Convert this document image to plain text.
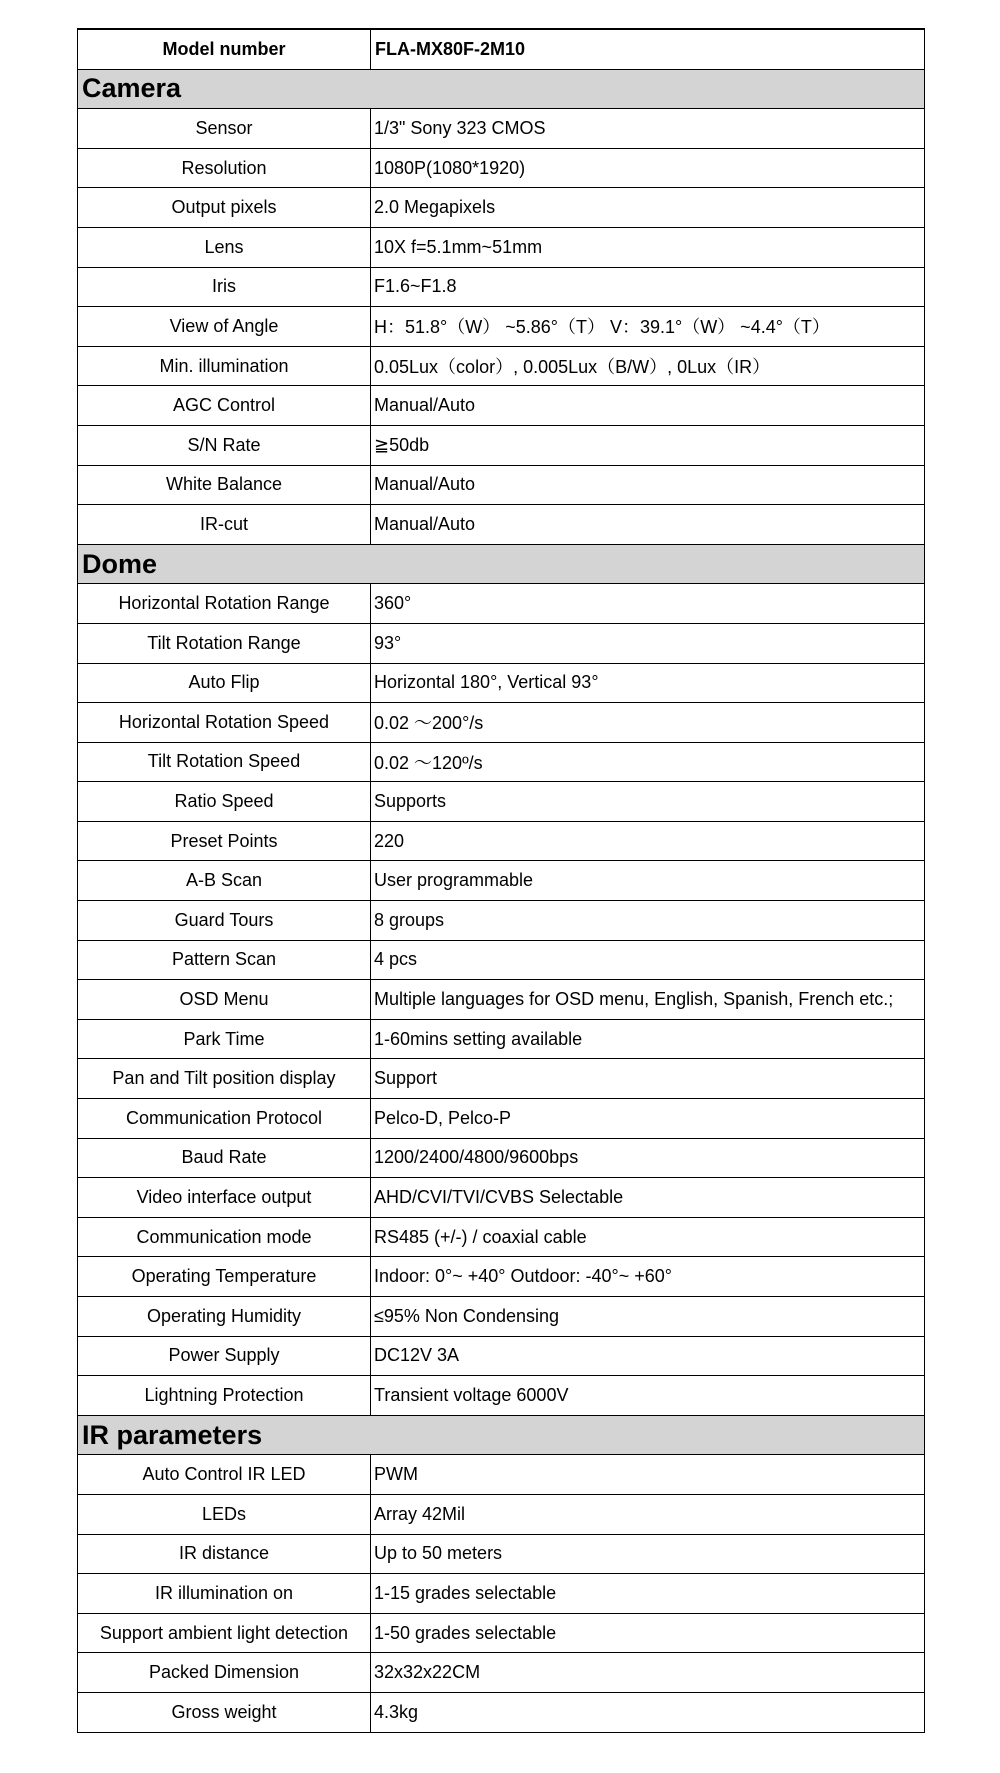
Model number	FLA-MX80F-2M10
Camera	
Sensor	1/3" Sony 323 CMOS
Resolution	1080P(1080*1920)
Output pixels	2.0 Megapixels
Lens	10X f=5.1mm~51mm
Iris	F1.6~F1.8
View of Angle	H：51.8°（W） ~5.86°（T） V：39.1°（W） ~4.4°（T）
Min. illumination	0.05Lux（color）, 0.005Lux（B/W）, 0Lux（IR）
AGC Control	Manual/Auto
S/N Rate	≧50db
White Balance	Manual/Auto
IR-cut	Manual/Auto
Dome	
Horizontal Rotation Range	360°
Tilt Rotation Range	93°
Auto Flip	Horizontal 180°, Vertical 93°
Horizontal Rotation Speed	0.02 ～200°/s
Tilt Rotation Speed	0.02 ～120º/s
Ratio Speed	Supports
Preset Points	220
A-B Scan	User programmable
Guard Tours	8 groups
Pattern Scan	4 pcs
OSD Menu	Multiple languages for OSD menu, English, Spanish, French etc.;
Park Time	1-60mins setting available
Pan and Tilt position display	Support
Communication Protocol	Pelco-D, Pelco-P
Baud Rate	1200/2400/4800/9600bps
Video interface output	AHD/CVI/TVI/CVBS Selectable
Communication mode	RS485 (+/-) / coaxial cable
Operating Temperature	Indoor: 0°~ +40° Outdoor: -40°~ +60°
Operating Humidity	≤95% Non Condensing
Power Supply	DC12V 3A
Lightning Protection	Transient voltage 6000V
IR parameters	
Auto Control IR LED	PWM
LEDs	Array 42Mil
IR distance	Up to 50 meters
IR illumination on	1-15 grades selectable
Support ambient light detection	1-50 grades selectable
Packed Dimension	32x32x22CM
Gross weight	4.3kg
